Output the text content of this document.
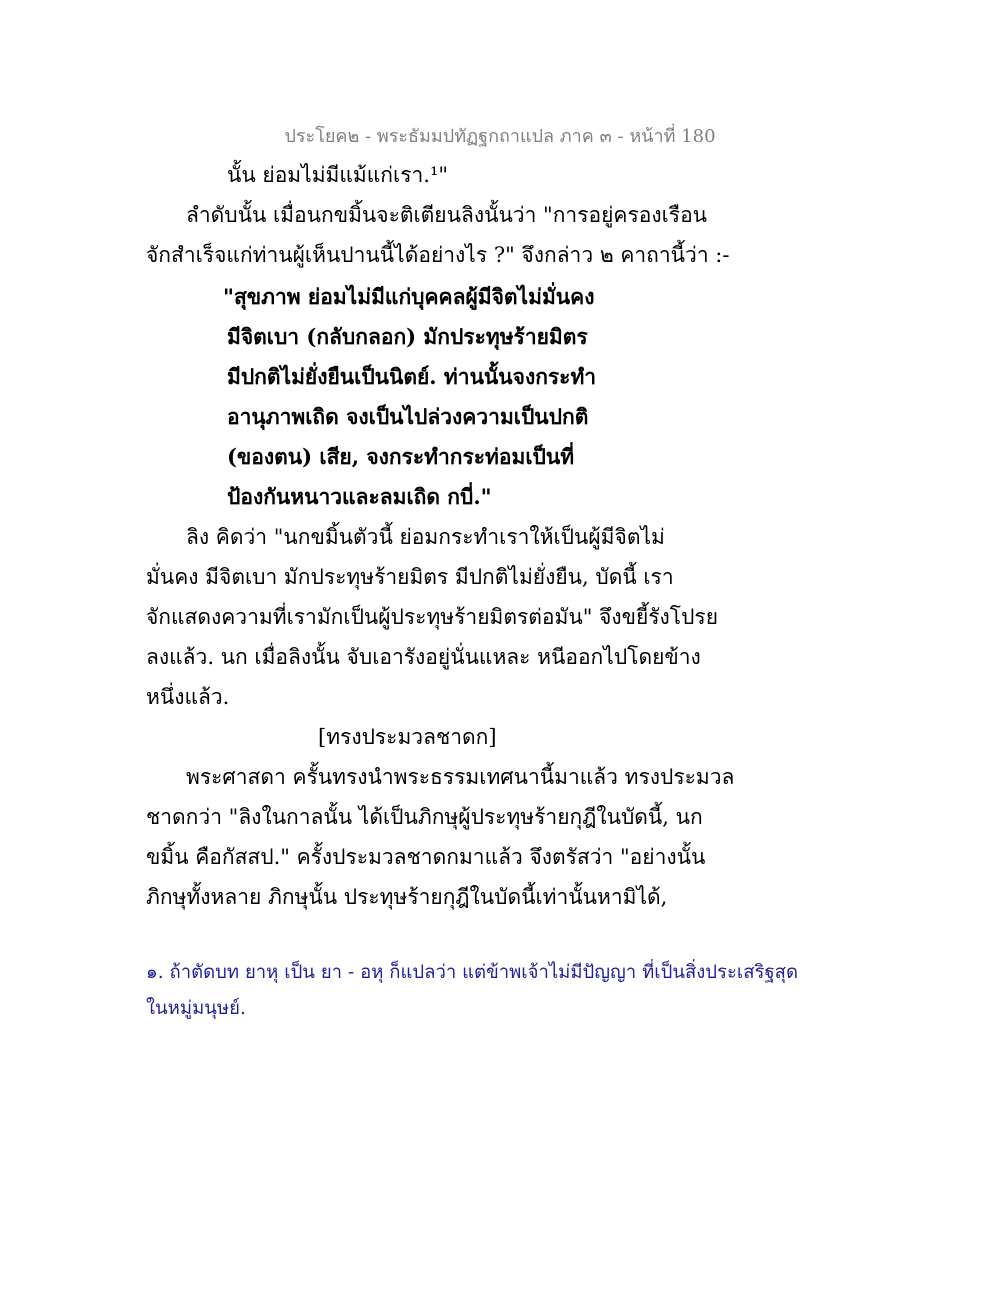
ประโยค๒ - พระธัมมปทัฏฐกถาแปล ภาค ๓ - หน้าที่ 180
นั้น ย่อมไม่มีแม้แก่เรา.¹"
ลำดับนั้น เมื่อนกขมิ้นจะติเตียนลิงนั้นว่า "การอยู่ครองเรือน
จักสำเร็จแก่ท่านผู้เห็นปานนี้ได้อย่างไร ?" จึงกล่าว ๒ คาถานี้ว่า :-
"สุขภาพ ย่อมไม่มีแก่บุคคลผู้มีจิตไม่มั่นคง
มีจิตเบา (กลับกลอก) มักประทุษร้ายมิตร
มีปกติไม่ยั่งยืนเป็นนิตย์. ท่านนั้นจงกระทำ
อานุภาพเถิด จงเป็นไปล่วงความเป็นปกติ
(ของตน) เสีย, จงกระทำกระท่อมเป็นที่
ป้องกันหนาวและลมเถิด กบี่."
ลิง คิดว่า "นกขมิ้นตัวนี้ ย่อมกระทำเราให้เป็นผู้มีจิตไม่
มั่นคง มีจิตเบา มักประทุษร้ายมิตร มีปกติไม่ยั่งยืน, บัดนี้ เรา
จักแสดงความที่เรามักเป็นผู้ประทุษร้ายมิตรต่อมัน" จึงขยี้รังโปรย
ลงแล้ว. นก เมื่อลิงนั้น จับเอารังอยู่นั่นแหละ หนีออกไปโดยข้าง
หนึ่งแล้ว.
[ทรงประมวลชาดก]
พระศาสดา ครั้นทรงนำพระธรรมเทศนานี้มาแล้ว ทรงประมวล
ชาดกว่า "ลิงในกาลนั้น ได้เป็นภิกษุผู้ประทุษร้ายกุฎีในบัดนี้, นก
ขมิ้น คือกัสสป." ครั้งประมวลชาดกมาแล้ว จึงตรัสว่า "อย่างนั้น
ภิกษุทั้งหลาย ภิกษุนั้น ประทุษร้ายกุฎีในบัดนี้เท่านั้นหามิได้,
๑. ถ้าตัดบท ยาหุ เป็น ยา - อหุ ก็แปลว่า แต่ข้าพเจ้าไม่มีปัญญา ที่เป็นสิ่งประเสริฐสุด
ในหมู่มนุษย์.
